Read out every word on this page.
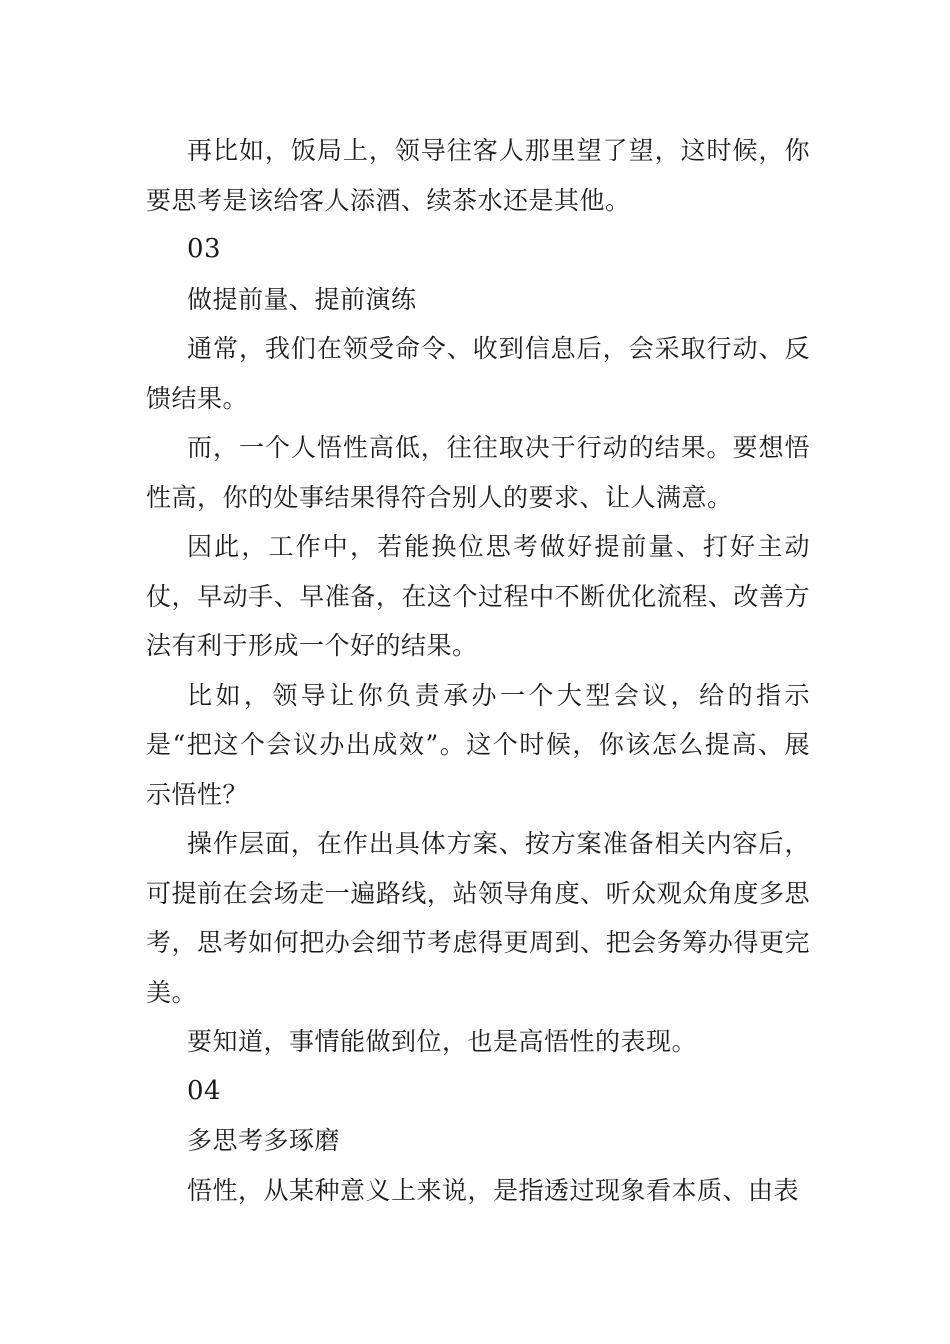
再比如，饭局上，领导往客人那里望了望，这时候，你要思考是该给客人添酒、续茶水还是其他。

03

做提前量、提前演练

通常，我们在领受命令、收到信息后，会采取行动、反馈结果。

而，一个人悟性高低，往往取决于行动的结果。要想悟性高，你的处事结果得符合别人的要求、让人满意。

因此，工作中，若能换位思考做好提前量、打好主动仗，早动手、早准备，在这个过程中不断优化流程、改善方法有利于形成一个好的结果。

比如，领导让你负责承办一个大型会议，给的指示是“把这个会议办出成效”。这个时候，你该怎么提高、展示悟性？

操作层面，在作出具体方案、按方案准备相关内容后，可提前在会场走一遍路线，站领导角度、听众观众角度多思考，思考如何把办会细节考虑得更周到、把会务筹办得更完美。

要知道，事情能做到位，也是高悟性的表现。

04

多思考多琢磨

悟性，从某种意义上来说，是指透过现象看本质、由表
